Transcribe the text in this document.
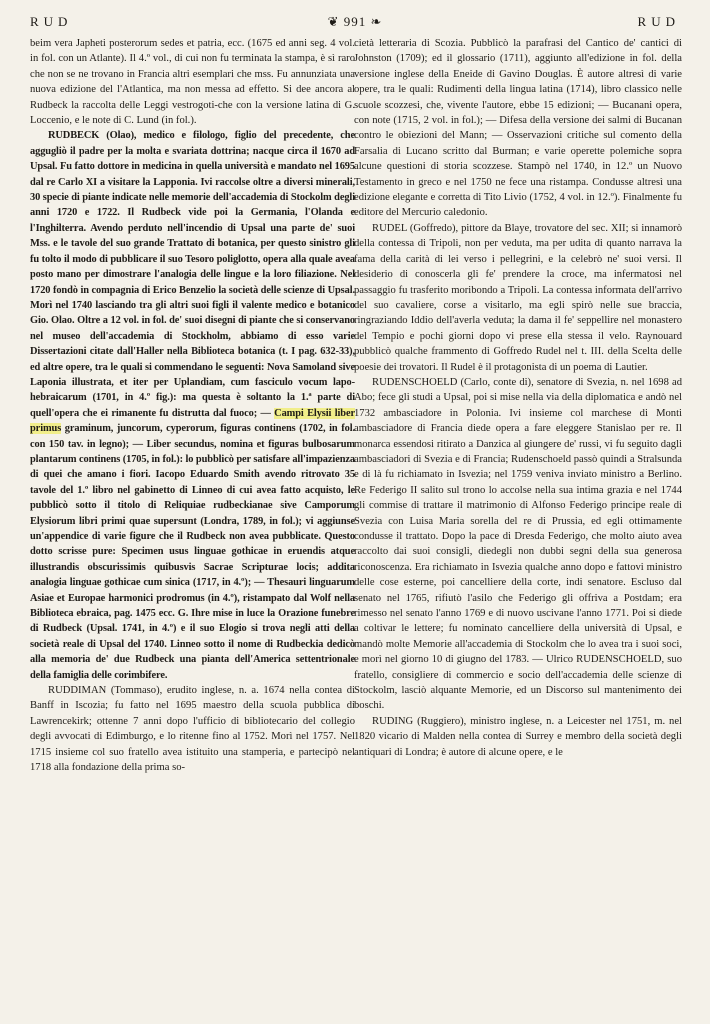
RUD	❦ 991 ❧	RUD

beim vera Japheti posterorum sedes et patria, ecc. (1675 ed anni seg. 4 vol. in fol. con un Atlante). Il 4.º vol., di cui non fu terminata la stampa, è sì raro che non se ne trovano in Francia altri esemplari che mss. Fu annunziata una nuova edizione del l'Atlantica, ma non messa ad effetto. Si dee ancora al Rudbeck la raccolta delle Leggi vestrogoti-che con la versione latina di G. Loccenio, e le note di C. Lund (in fol.).

RUDBECK (Olao), medico e filologo, figlio del precedente, che aggugliò il padre per la molta e svariata dottrina; nacque circa il 1670 ad Upsal. Fu fatto dottore in medicina in quella università e mandato nel 1695 dal re Carlo XI a visitare la Lapponia. Ivi raccolse oltre a diversi minerali, 30 specie di piante indicate nelle memorie dell'accademia di Stockolm degli anni 1720 e 1722. Il Rudbeck vide poi la Germania, l'Olanda e l'Inghilterra. Avendo perduto nell'incendio di Upsal una parte de' suoi Mss. e le tavole del suo grande Trattato di botanica, per questo sinistro gli fu tolto il modo di pubblicare il suo Tesoro poliglotto, opera alla quale avea posto mano per dimostrare l'analogia delle lingue e la loro filiazione. Nel 1720 fondò in compagnia di Erico Benzelio la società delle scienze di Upsal. Morì nel 1740 lasciando tra gli altri suoi figli il valente medico e botanico Gio. Olao. Oltre a 12 vol. in fol. de' suoi disegni di piante che si conservano nel museo dell'accademia di Stockholm, abbiamo di esso varie Dissertazioni citate dall'Haller nella Biblioteca botanica (t. I pag. 632-33), ed altre opere, tra le quali si commendano le seguenti: Nova Samoland sive Laponia illustrata, et iter per Uplandiam, cum fasciculo vocum lapo-hebraicarum (1701, in 4.º fig.): ma questa è soltanto la 1.ª parte di quell'opera che ei rimanente fu distrutta dal fuoco; — Campi Elysii liber primus graminum, juncorum, cyperorum, figuras continens (1702, in fol. con 150 tav. in legno); — Liber secundus, nomina et figuras bulbosarum plantarum continens (1705, in fol.): lo pubblicò per satisfare all'impazienza di quei che amano i fiori. Iacopo Eduardo Smith avendo ritrovato 35 tavole del 1.º libro nel gabinetto di Linneo di cui avea fatto acquisto, le pubblicò sotto il titolo di Reliquiae rudbeckianae sive Camporum Elysiorum libri primi quae supersunt (Londra, 1789, in fol.); vi aggiunse un'appendice di varie figure che il Rudbeck non avea pubblicate. Questo dotto scrisse pure: Specimen usus linguae gothicae in eruendis atque illustrandis obscurissimis quibusvis Sacrae Scripturae locis; addita analogia linguae gothicae cum sinica (1717, in 4.º); — Thesauri linguarum Asiae et Europae harmonici prodromus (in 4.º), ristampato dal Wolf nella Biblioteca ebraica, pag. 1475 ecc. G. Ihre mise in luce la Orazione funebre di Rudbeck (Upsal. 1741, in 4.º) e il suo Elogio si trova negli atti della società reale di Upsal del 1740. Linneo sotto il nome di Rudbeckia dedicò alla memoria de' due Rudbeck una pianta dell'America settentrionale della famiglia delle corimbifere.

RUDDIMAN (Tommaso), erudito inglese, n. a. 1674 nella contea di Banff in Iscozia; fu fatto nel 1695 maestro della scuola pubblica di Lawrencekirk; ottenne 7 anni dopo l'ufficio di bibliotecario del collegio degli avvocati di Edimburgo, e lo ritenne fino al 1752. Morì nel 1757. Nel 1715 insieme col suo fratello avea istituito una stamperia, e partecipò nel 1718 alla fondazione della prima so-

cietà letteraria di Scozia. Pubblicò la parafrasi del Cantico de' cantici di Johnston (1709); ed il glossario (1711), aggiunto all'edizione in fol. della versione inglese della Eneide di Gavino Douglas. È autore altresì di varie opere, tra le quali: Rudimenti della lingua latina (1714), libro classico nelle scuole scozzesi, che, vivente l'autore, ebbe 15 edizioni; — Bucanani opera, con note (1715, 2 vol. in fol.); — Difesa della versione dei salmi di Bucanan contro le obiezioni del Mann; — Osservazioni critiche sul comento della Farsalia di Lucano scritto dal Burman; e varie operette polemiche sopra alcune questioni di storia scozzese. Stampò nel 1740, in 12.º un Nuovo Testamento in greco e nel 1750 ne fece una ristampa. Condusse altresì una edizione elegante e corretta di Tito Livio (1752, 4 vol. in 12.º). Finalmente fu editore del Mercurio caledonio.

RUDEL (Goffredo), pittore da Blaye, trovatore del sec. XII; si innamorò della contessa di Tripoli, non per veduta, ma per udita di quanto narrava la fama della carità di lei verso i pellegrini, e la celebrò ne' suoi versi. Il desiderio di conoscerla gli fe' prendere la croce, ma infermatosi nel passaggio fu trasferito moribondo a Tripoli. La contessa informata dell'arrivo del suo cavaliere, corse a visitarlo, ma egli spirò nelle sue braccia, ringraziando Iddio dell'averla veduta; la dama il fe' seppellire nel monastero del Tempio e pochi giorni dopo vi prese ella stessa il velo. Raynouard pubblicò qualche frammento di Goffredo Rudel nel t. III. della Scelta delle poesie dei trovatori. Il Rudel è il protagonista di un poema di Lautier.

RUDENSCHOELD (Carlo, conte di), senatore di Svezia, n. nel 1698 ad Abo; fece gli studi a Upsal, poi si mise nella via della diplomatica e andò nel 1732 ambasciadore in Polonia. Ivi insieme col marchese di Monti ambasciadore di Francia diede opera a fare eleggere Stanislao per re. Il monarca essendosi ritirato a Danzica al giungere de' russi, vi fu seguito dagli ambasciadori di Svezia e di Francia; Rudenschoeld passò quindi a Stralsunda e di là fu richiamato in Isvezia; nel 1759 veniva inviato ministro a Berlino. Re Federigo II salito sul trono lo accolse nella sua intima grazia e nel 1744 gli commise di trattare il matrimonio di Alfonso Federigo principe reale di Svezia con Luisa Maria sorella del re di Prussia, ed egli ottimamente condusse il trattato. Dopo la pace di Dresda Federigo, che molto aiuto avea raccolto dai suoi consigli, diedegli non dubbi segni della sua generosa riconoscenza. Era richiamato in Isvezia qualche anno dopo e fattovi ministro delle cose esterne, poi cancelliere della corte, indi senatore. Escluso dal senato nel 1765, rifiutò l'asilo che Federigo gli offriva a Postdam; era rimesso nel senato l'anno 1769 e di nuovo uscivane l'anno 1771. Poi si diede a coltivar le lettere; fu nominato cancelliere della università di Upsal, e mandò molte Memorie all'accademia di Stockolm che lo avea tra i suoi soci, e morì nel giorno 10 di giugno del 1783. — Ulrico RUDENSCHOELD, suo fratello, consigliere di commercio e socio dell'accademia delle scienze di Stockolm, lasciò alquante Memorie, ed un Discorso sul mantenimento dei boschi.

RUDING (Ruggiero), ministro inglese, n. a Leicester nel 1751, m. nel 1820 vicario di Malden nella contea di Surrey e membro della società degli antiquari di Londra; è autore di alcune opere, e le
